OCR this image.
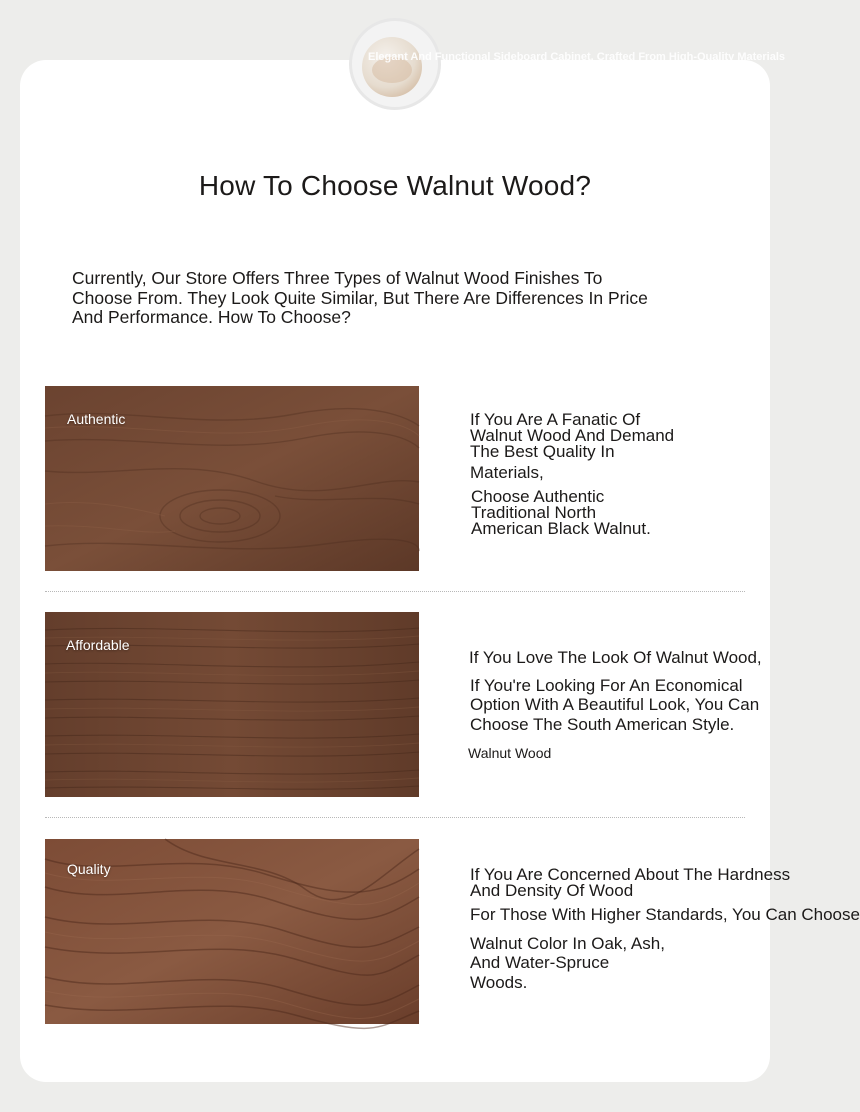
Elegant And Functional Sideboard Cabinet, Crafted From High-Quality Materials
How To Choose Walnut Wood?
Currently, Our Store Offers Three Types of Walnut Wood Finishes To
Choose From. They Look Quite Similar, But There Are Differences In Price
And Performance. How To Choose?
Authentic	If You Are A Fanatic Of

Walnut Wood And Demand

The Best Quality In

Materials,

Choose Authentic

Traditional North

American Black Walnut.

Affordable

If You Love The Look Of Walnut Wood,

If You're Looking For An Economical

Option With A Beautiful Look, You Can

Choose The South American Style.

Walnut Wood

Quality	If You Are Concerned About The Hardness

And Density Of Wood

For Those With Higher Standards, You Can Choose

Walnut Color In Oak, Ash,

And Water-Spruce

Woods.
